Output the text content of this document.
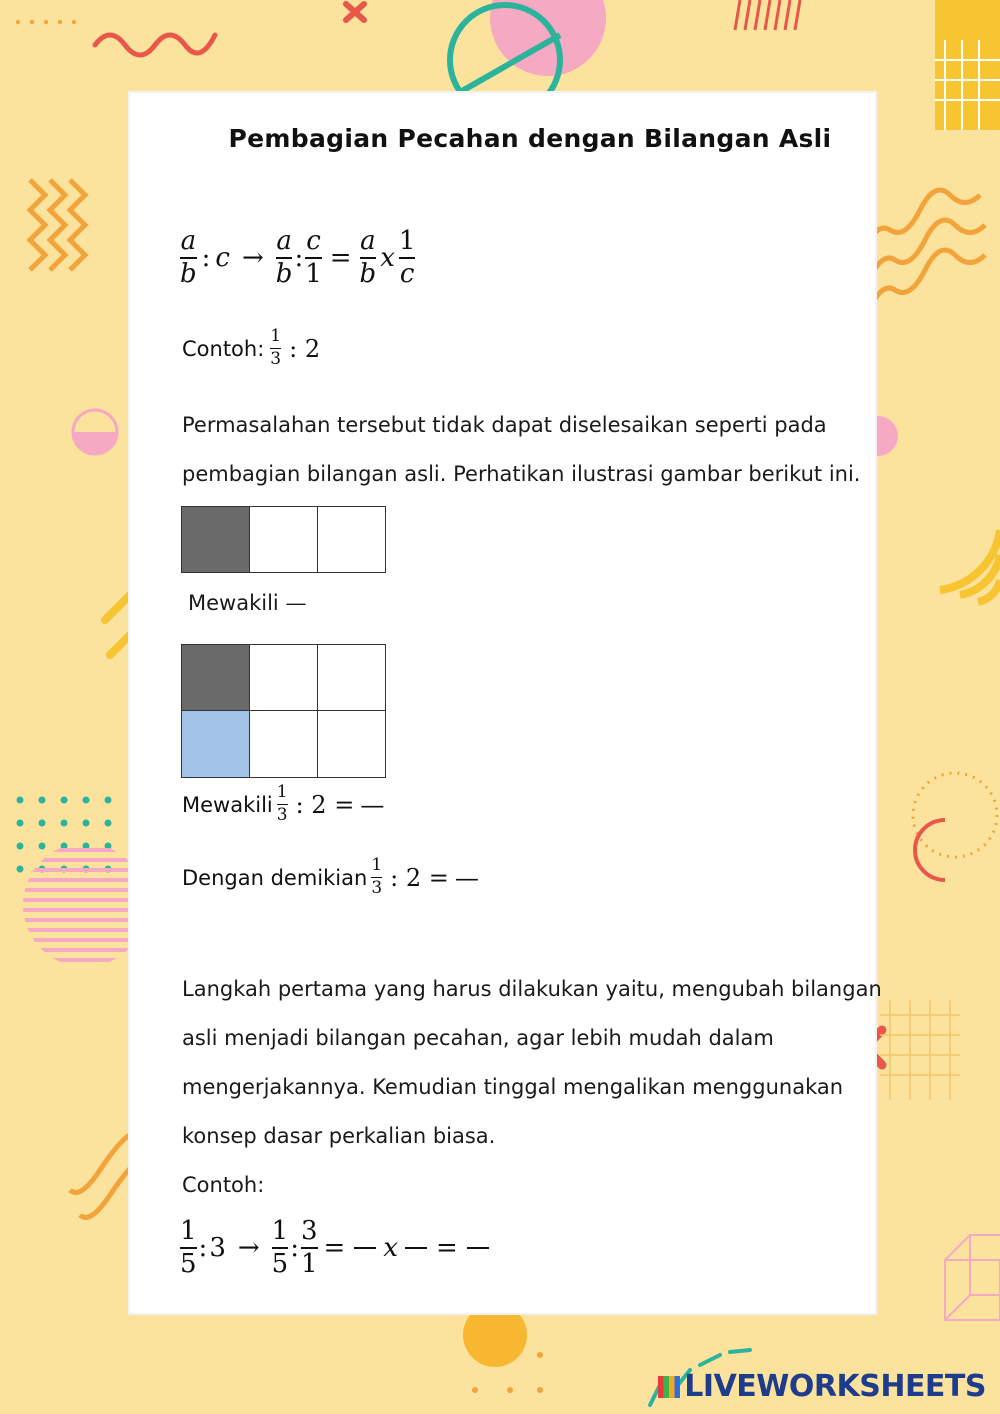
Pembagian Pecahan dengan Bilangan Asli
$\frac{a}{b}$ : $c \to \frac{a}{b}$ : $\frac{c}{1} = \frac{a}{b}$ x $\frac{1}{c}$
Contoh: $\frac{1}{3}$ : 2
Permasalahan tersebut tidak dapat diselesaikan seperti pada
pembagian bilangan asli. Perhatikan ilustrasi gambar berikut ini.
Mewakili —
Mewakili $\frac{1}{3}$ : 2 = —
Dengan demikian $\frac{1}{3}$ : 2 = —
Langkah pertama yang harus dilakukan yaitu, mengubah bilangan
asli menjadi bilangan pecahan, agar lebih mudah dalam
mengerjakannya. Kemudian tinggal mengalikan menggunakan
konsep dasar perkalian biasa.
Contoh:
$\frac{1}{5}$ : $3 \to \frac{1}{5}$ : $\frac{3}{1} = x$ =
LIVEWORKSHEETS
